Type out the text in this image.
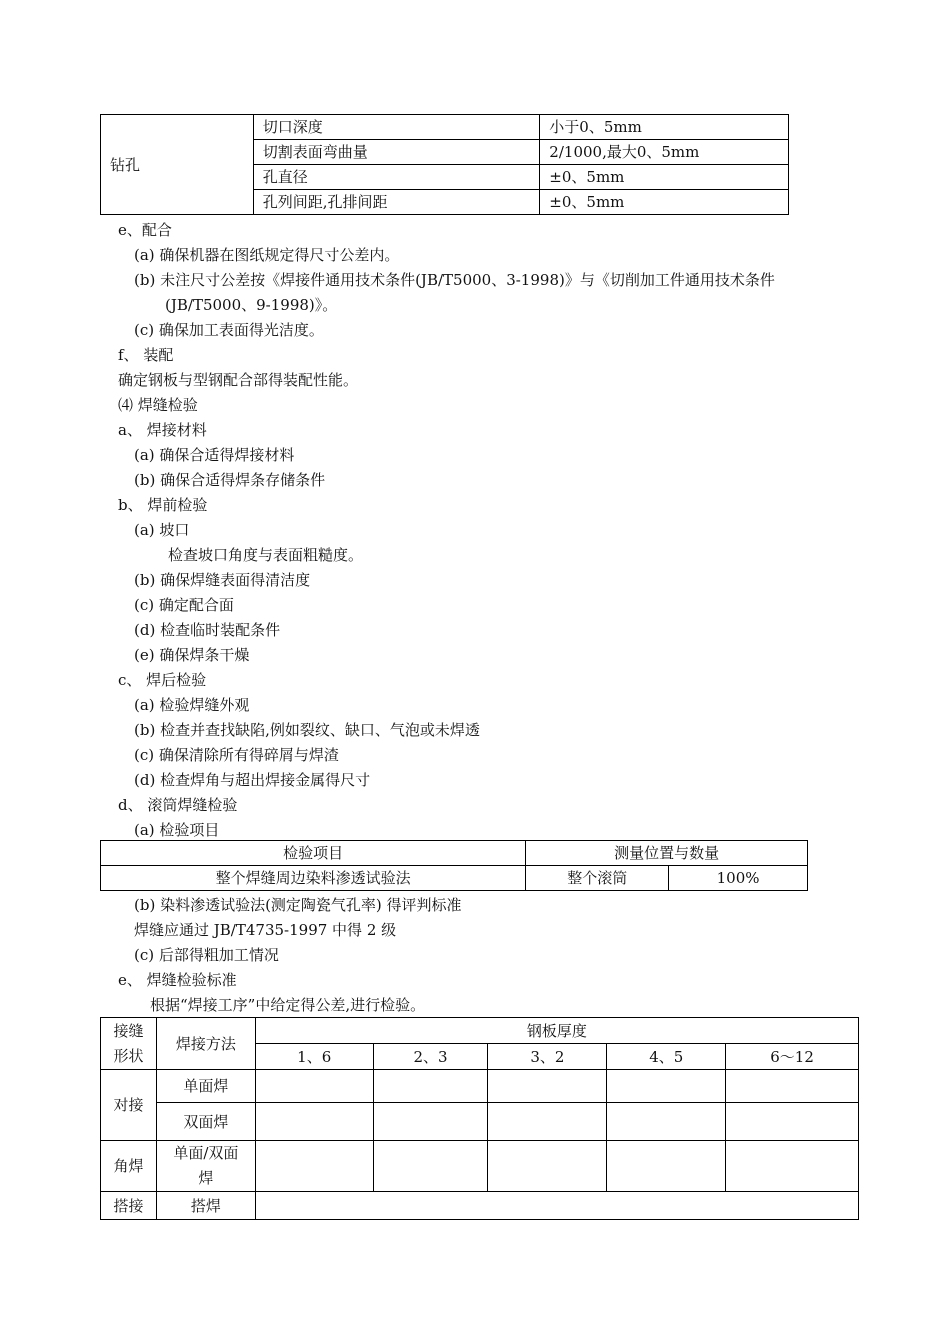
钻孔	切口深度	小于0、5mm
	切割表面弯曲量	2/1000,最大0、5mm
	孔直径	±0、5mm
	孔列间距,孔排间距	±0、5mm
e、配合
(a) 确保机器在图纸规定得尺寸公差内。
(b) 未注尺寸公差按《焊接件通用技术条件(JB/T5000、3-1998)》与《切削加工件通用技术条件
(JB/T5000、9-1998)》。
(c) 确保加工表面得光洁度。
f、 装配
确定钢板与型钢配合部得装配性能。
⑷ 焊缝检验
a、 焊接材料
(a) 确保合适得焊接材料
(b) 确保合适得焊条存储条件
b、 焊前检验
(a) 坡口
检查坡口角度与表面粗糙度。
(b) 确保焊缝表面得清洁度
(c) 确定配合面
(d) 检查临时装配条件
(e) 确保焊条干燥
c、 焊后检验
(a) 检验焊缝外观
(b) 检查并查找缺陷,例如裂纹、缺口、气泡或未焊透
(c) 确保清除所有得碎屑与焊渣
(d) 检查焊角与超出焊接金属得尺寸
d、 滚筒焊缝检验
(a) 检验项目
检验项目	测量位置与数量	
整个焊缝周边染料渗透试验法	整个滚筒	100%
(b) 染料渗透试验法(测定陶瓷气孔率) 得评判标准
焊缝应通过 JB/T4735-1997 中得 2 级
(c) 后部得粗加工情况
e、 焊缝检验标准
根据“焊接工序”中给定得公差,进行检验。
接缝
形状	焊接方法	钢板厚度				
		1、6	2、3	3、2	4、5	6～12
对接	单面焊					
	双面焊					
角焊	单面/双面
焊					

搭接	搭焊					
